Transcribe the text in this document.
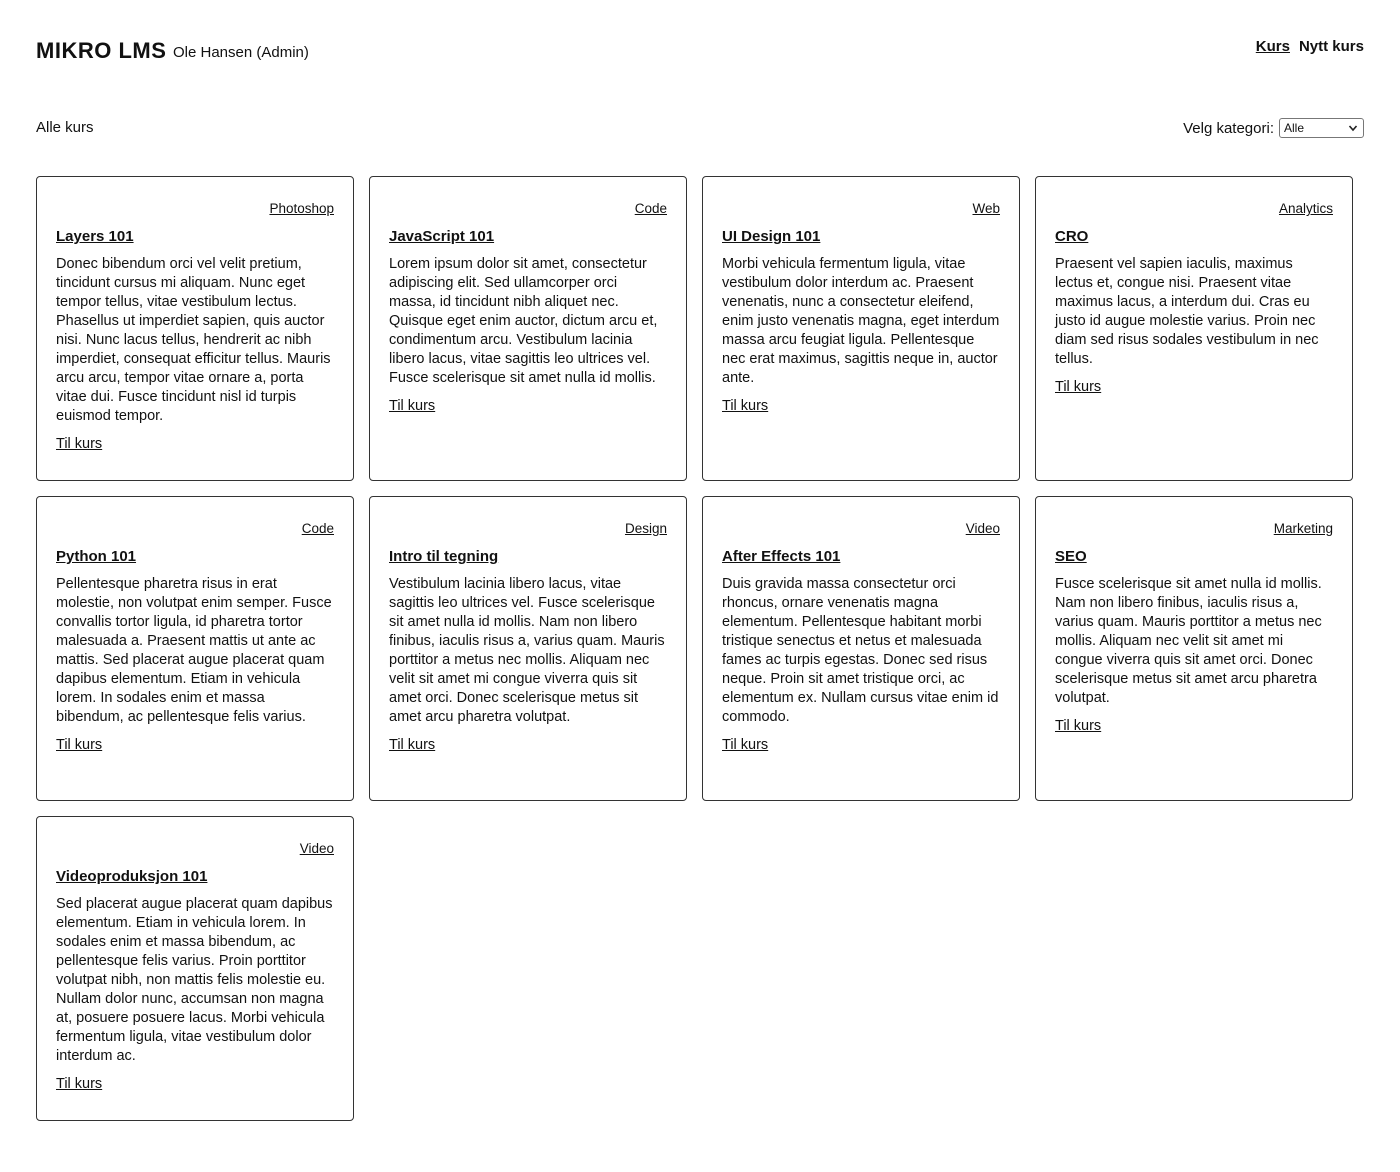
MIKRO LMS Ole Hansen (Admin)	Kurs Nytt kurs
Alle kurs	Velg kategori: Alle
Photoshop
Layers 101
Donec bibendum orci vel velit pretium, tincidunt cursus mi aliquam. Nunc eget tempor tellus, vitae vestibulum lectus. Phasellus ut imperdiet sapien, quis auctor nisi. Nunc lacus tellus, hendrerit ac nibh imperdiet, consequat efficitur tellus. Mauris arcu arcu, tempor vitae ornare a, porta vitae dui. Fusce tincidunt nisl id turpis euismod tempor.
Til kurs
Code
JavaScript 101
Lorem ipsum dolor sit amet, consectetur adipiscing elit. Sed ullamcorper orci massa, id tincidunt nibh aliquet nec. Quisque eget enim auctor, dictum arcu et, condimentum arcu. Vestibulum lacinia libero lacus, vitae sagittis leo ultrices vel. Fusce scelerisque sit amet nulla id mollis.
Til kurs
Web
UI Design 101
Morbi vehicula fermentum ligula, vitae vestibulum dolor interdum ac. Praesent venenatis, nunc a consectetur eleifend, enim justo venenatis magna, eget interdum massa arcu feugiat ligula. Pellentesque nec erat maximus, sagittis neque in, auctor ante.
Til kurs
Analytics
CRO
Praesent vel sapien iaculis, maximus lectus et, congue nisi. Praesent vitae maximus lacus, a interdum dui. Cras eu justo id augue molestie varius. Proin nec diam sed risus sodales vestibulum in nec tellus.
Til kurs
Code
Python 101
Pellentesque pharetra risus in erat molestie, non volutpat enim semper. Fusce convallis tortor ligula, id pharetra tortor malesuada a. Praesent mattis ut ante ac mattis. Sed placerat augue placerat quam dapibus elementum. Etiam in vehicula lorem. In sodales enim et massa bibendum, ac pellentesque felis varius.
Til kurs
Design
Intro til tegning
Vestibulum lacinia libero lacus, vitae sagittis leo ultrices vel. Fusce scelerisque sit amet nulla id mollis. Nam non libero finibus, iaculis risus a, varius quam. Mauris porttitor a metus nec mollis. Aliquam nec velit sit amet mi congue viverra quis sit amet orci. Donec scelerisque metus sit amet arcu pharetra volutpat.
Til kurs
Video
After Effects 101
Duis gravida massa consectetur orci rhoncus, ornare venenatis magna elementum. Pellentesque habitant morbi tristique senectus et netus et malesuada fames ac turpis egestas. Donec sed risus neque. Proin sit amet tristique orci, ac elementum ex. Nullam cursus vitae enim id commodo.
Til kurs
Marketing
SEO
Fusce scelerisque sit amet nulla id mollis. Nam non libero finibus, iaculis risus a, varius quam. Mauris porttitor a metus nec mollis. Aliquam nec velit sit amet mi congue viverra quis sit amet orci. Donec scelerisque metus sit amet arcu pharetra volutpat.
Til kurs
Video
Videoproduksjon 101
Sed placerat augue placerat quam dapibus elementum. Etiam in vehicula lorem. In sodales enim et massa bibendum, ac pellentesque felis varius. Proin porttitor volutpat nibh, non mattis felis molestie eu. Nullam dolor nunc, accumsan non magna at, posuere posuere lacus. Morbi vehicula fermentum ligula, vitae vestibulum dolor interdum ac.
Til kurs
